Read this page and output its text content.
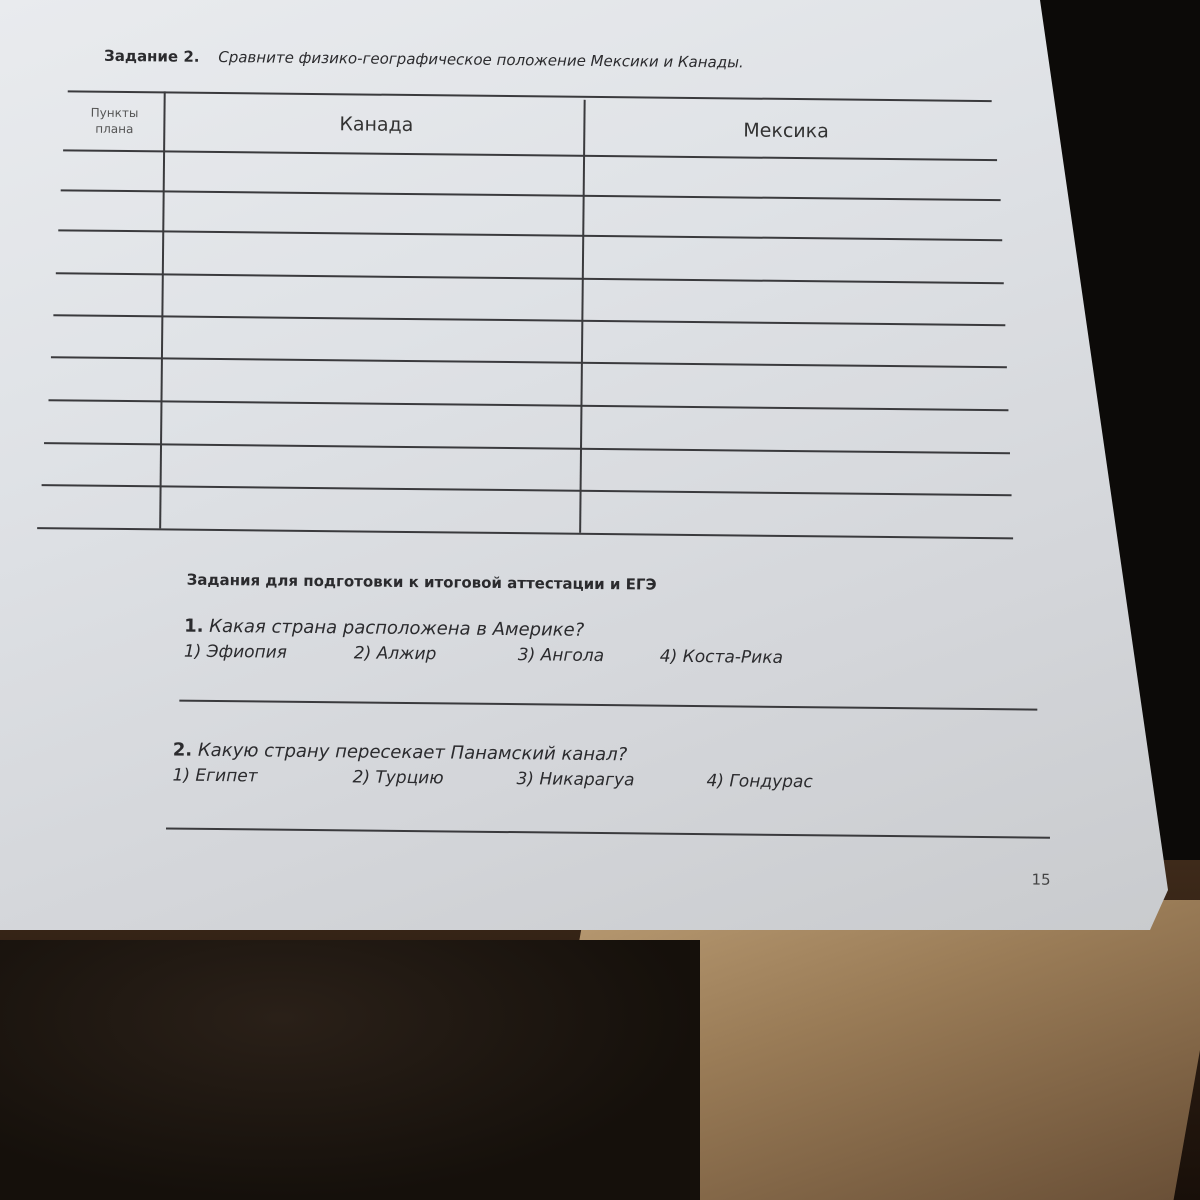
Задание 2. Сравните физико-географическое положение Мексики и Канады.
Пункты
плана	Канада	Мексика
Задания для подготовки к итоговой аттестации и ЕГЭ
1. Какая страна расположена в Америке?
1) Эфиопия	2) Алжир	3) Ангола	4) Коста-Рика
2. Какую страну пересекает Панамский канал?
1) Египет	2) Турцию	3) Никарагуа	4) Гондурас
15
